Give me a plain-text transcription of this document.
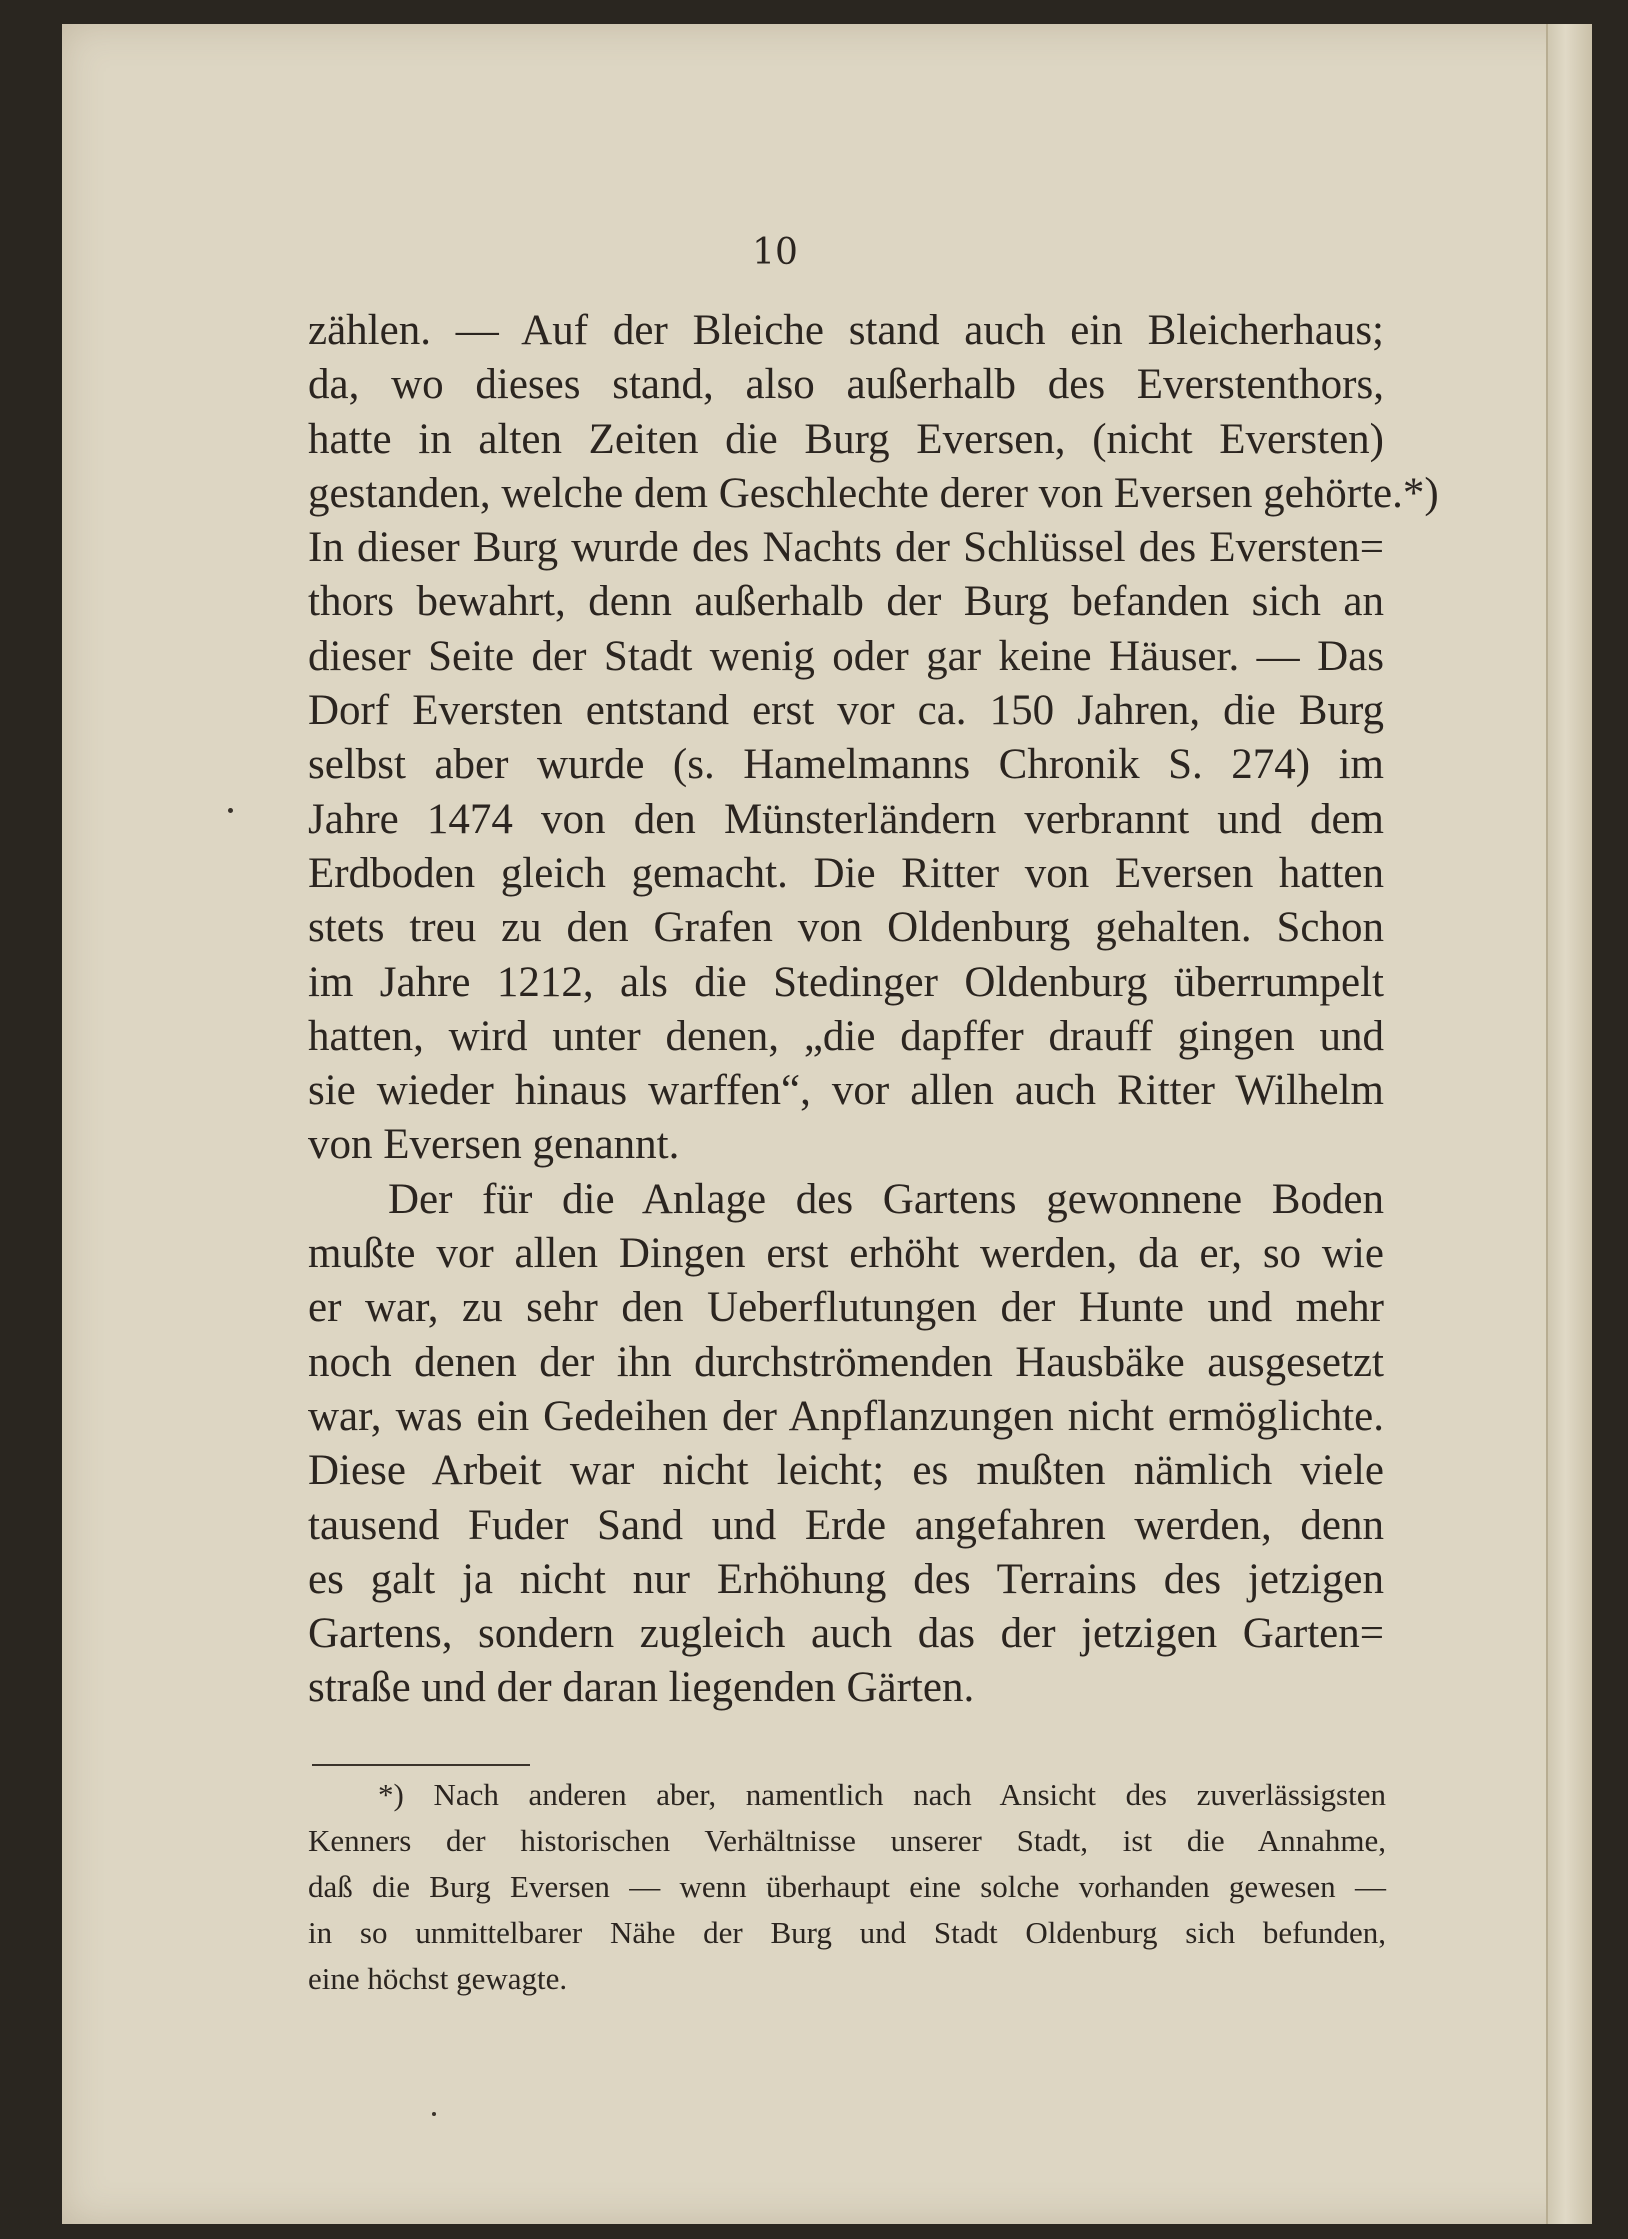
10
zählen. — Auf der Bleiche stand auch ein Bleicherhaus;
da, wo dieses stand, also außerhalb des Everstenthors,
hatte in alten Zeiten die Burg Eversen, (nicht Eversten)
gestanden, welche dem Geschlechte derer von Eversen gehörte.*)
In dieser Burg wurde des Nachts der Schlüssel des Eversten=
thors bewahrt, denn außerhalb der Burg befanden sich an
dieser Seite der Stadt wenig oder gar keine Häuser. — Das
Dorf Eversten entstand erst vor ca. 150 Jahren, die Burg
selbst aber wurde (s. Hamelmanns Chronik S. 274) im
Jahre 1474 von den Münsterländern verbrannt und dem
Erdboden gleich gemacht. Die Ritter von Eversen hatten
stets treu zu den Grafen von Oldenburg gehalten. Schon
im Jahre 1212, als die Stedinger Oldenburg überrumpelt
hatten, wird unter denen, „die dapffer drauff gingen und
sie wieder hinaus warffen“, vor allen auch Ritter Wilhelm
von Eversen genannt.
Der für die Anlage des Gartens gewonnene Boden
mußte vor allen Dingen erst erhöht werden, da er, so wie
er war, zu sehr den Ueberflutungen der Hunte und mehr
noch denen der ihn durchströmenden Hausbäke ausgesetzt
war, was ein Gedeihen der Anpflanzungen nicht ermöglichte.
Diese Arbeit war nicht leicht; es mußten nämlich viele
tausend Fuder Sand und Erde angefahren werden, denn
es galt ja nicht nur Erhöhung des Terrains des jetzigen
Gartens, sondern zugleich auch das der jetzigen Garten=
straße und der daran liegenden Gärten.
*) Nach anderen aber, namentlich nach Ansicht des zuverlässigsten
Kenners der historischen Verhältnisse unserer Stadt, ist die Annahme,
daß die Burg Eversen — wenn überhaupt eine solche vorhanden gewesen —
in so unmittelbarer Nähe der Burg und Stadt Oldenburg sich befunden,
eine höchst gewagte.
